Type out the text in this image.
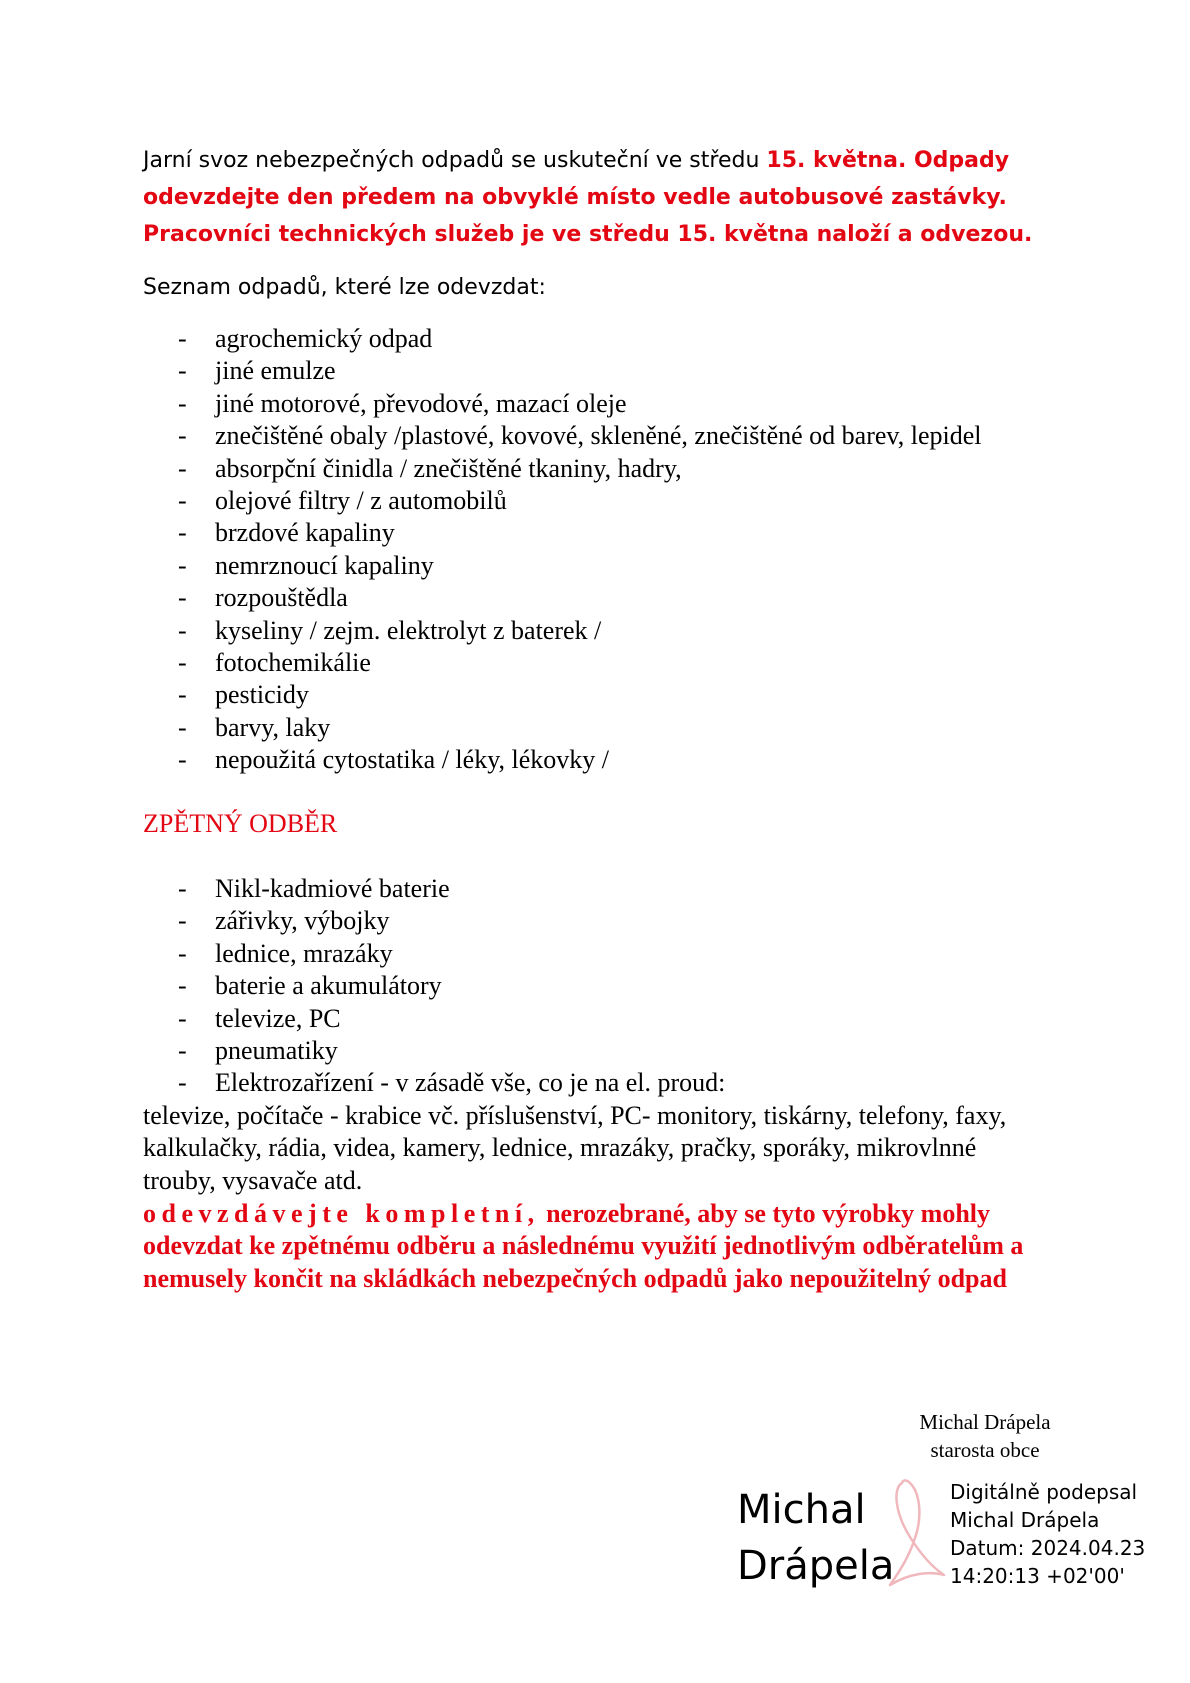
Jarní svoz nebezpečných odpadů se uskuteční ve středu 15. května. Odpady odevzdejte den předem na obvyklé místo vedle autobusové zastávky. Pracovníci technických služeb je ve středu 15. května naloží a odvezou.

Seznam odpadů, které lze odevzdat:
- agrochemický odpad
- jiné emulze
- jiné motorové, převodové, mazací oleje
- znečištěné obaly /plastové, kovové, skleněné, znečištěné od barev, lepidel
- absorpční činidla / znečištěné tkaniny, hadry,
- olejové filtry / z automobilů
- brzdové kapaliny
- nemrznoucí kapaliny
- rozpouštědla
- kyseliny / zejm. elektrolyt z baterek /
- fotochemikálie
- pesticidy
- barvy, laky
- nepoužitá cytostatika / léky, lékovky /
ZPĚTNÝ ODBĚR
- Nikl-kadmiové baterie
- zářivky, výbojky
- lednice, mrazáky
- baterie a akumulátory
- televize, PC
- pneumatiky
- Elektrozařízení - v zásadě vše, co je na el. proud:

televize, počítače - krabice vč. příslušenství, PC- monitory, tiskárny, telefony, faxy, kalkulačky, rádia, videa, kamery, lednice, mrazáky, pračky, sporáky, mikrovlnné trouby, vysavače atd.

odevzdávejte kompletní, nerozebrané, aby se tyto výrobky mohly odevzdat ke zpětnému odběru a následnému využití jednotlivým odběratelům a nemusely končit na skládkách nebezpečných odpadů jako nepoužitelný odpad

Michal Drápela
starosta obce
Michal
Drápela
Digitálně podepsal
Michal Drápela
Datum: 2024.04.23
14:20:13 +02'00'
